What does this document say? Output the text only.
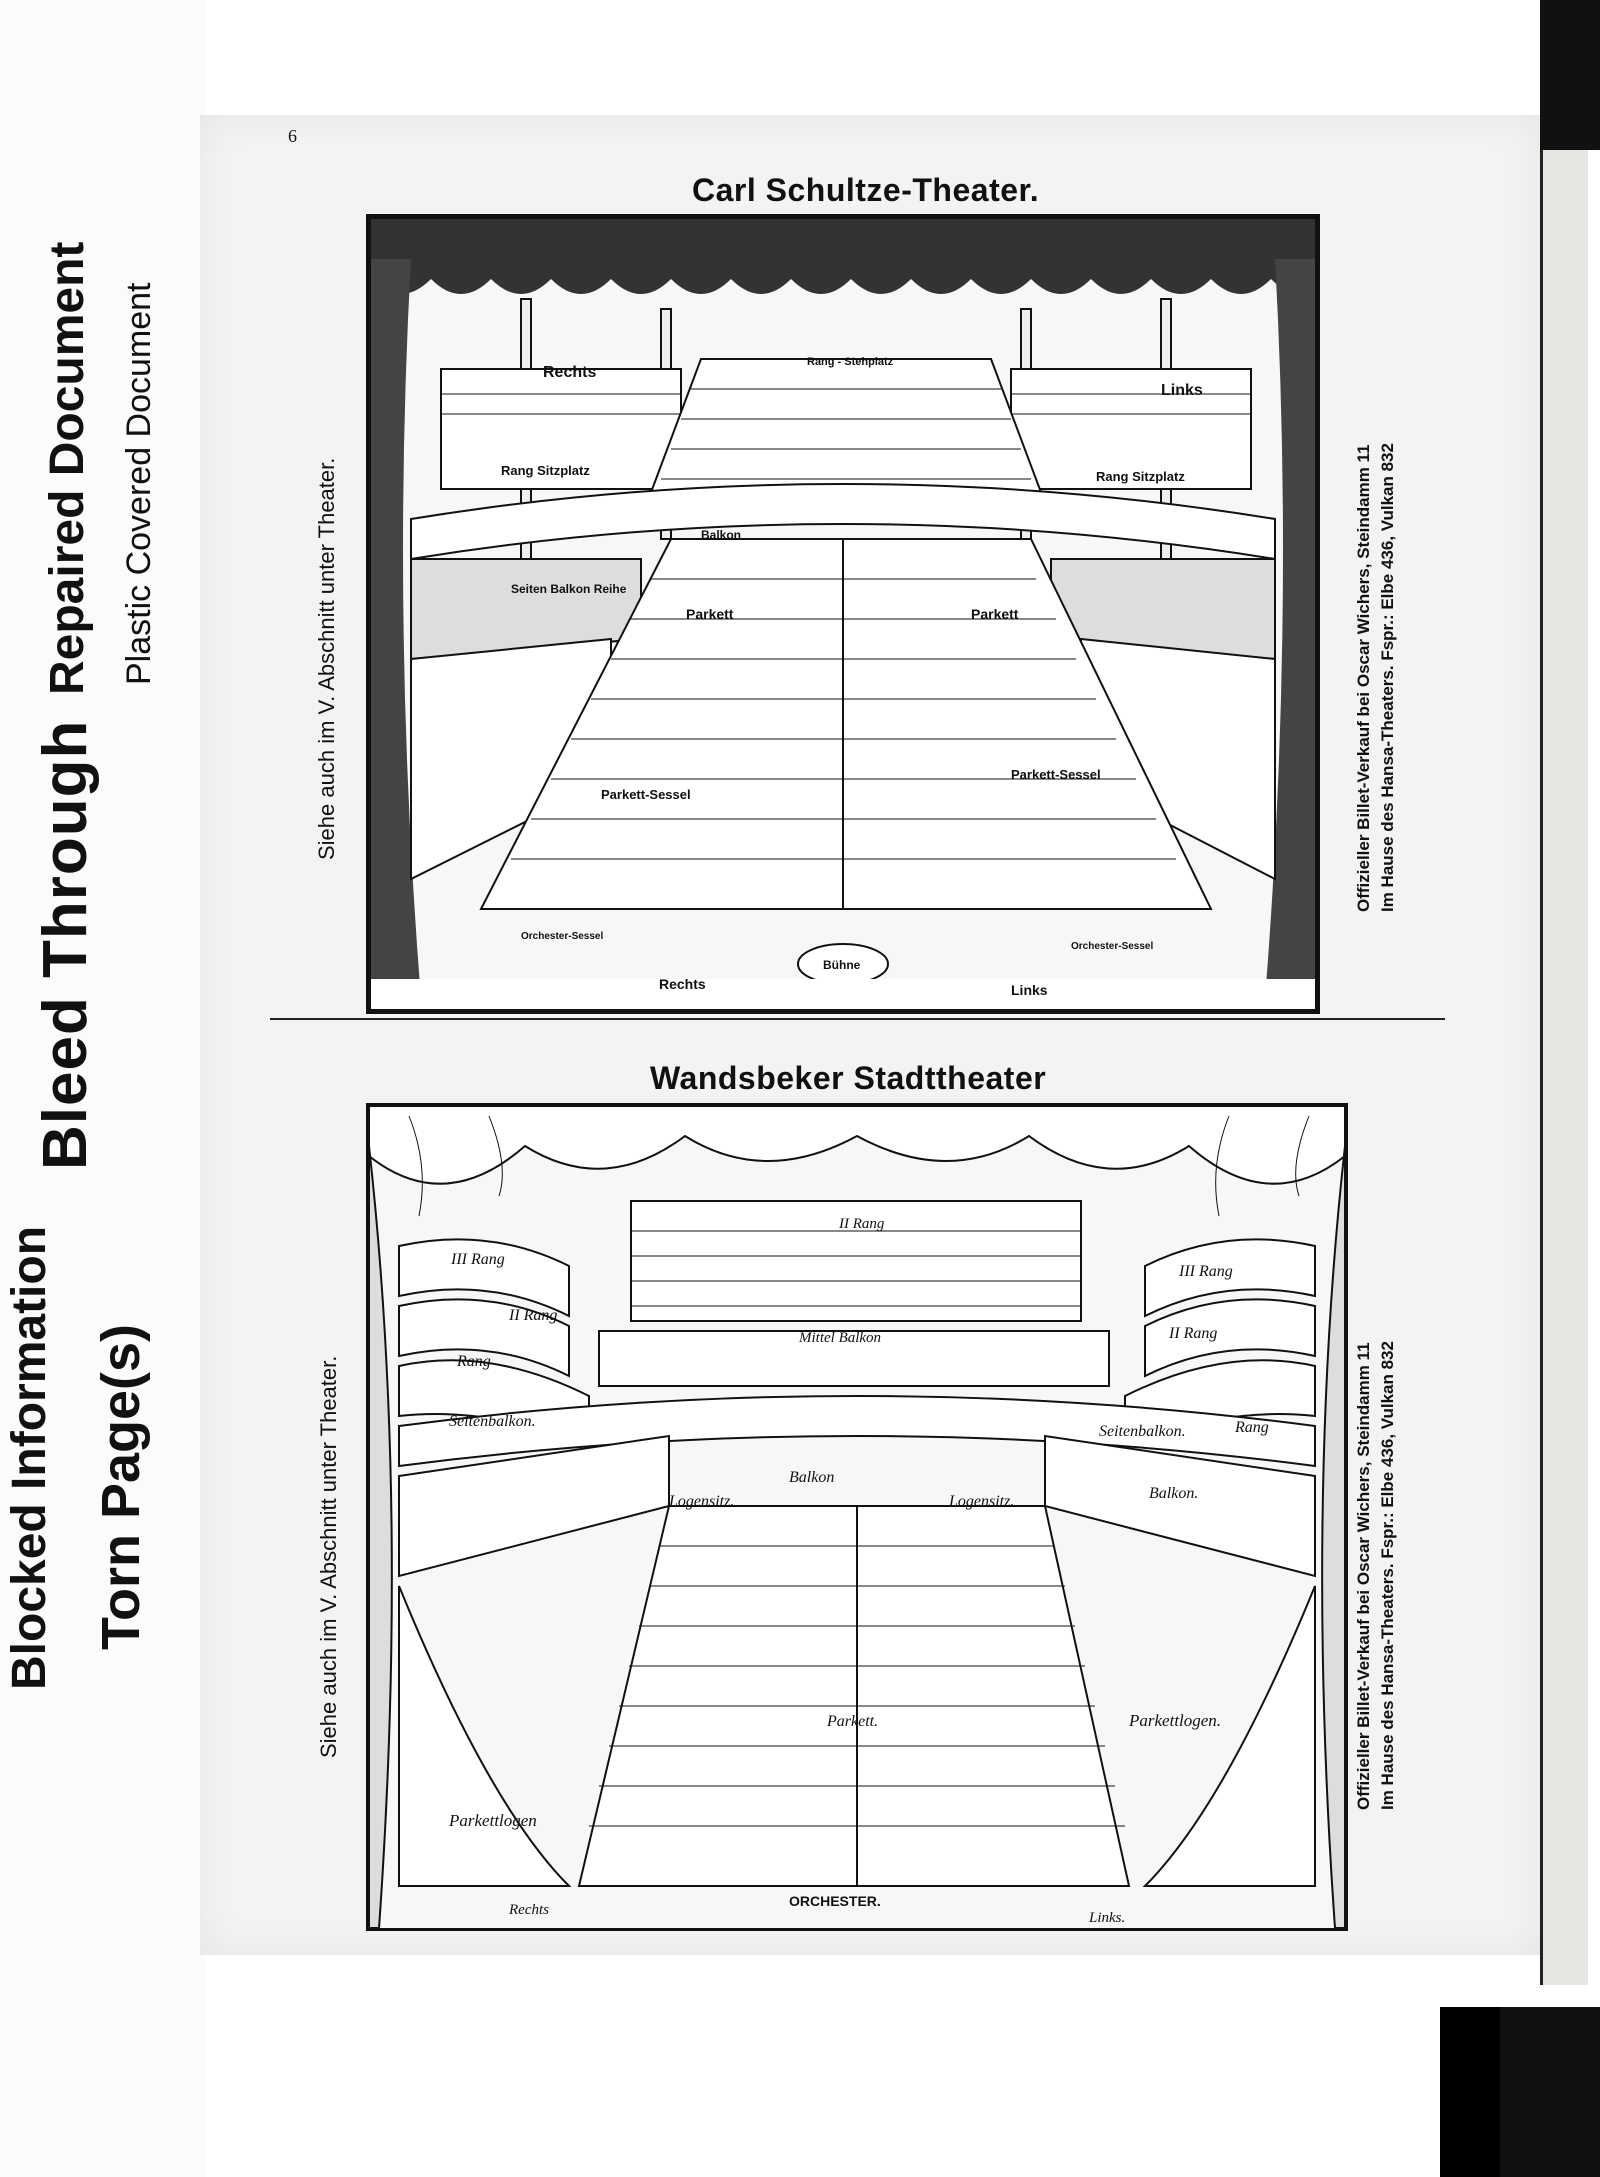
Blocked Information
Bleed Through
Repaired Document
Torn Page(s)
Plastic Covered Document
6
Carl Schultze-Theater.
Rechts
Links
Rang - Stehplatz
Rang Sitzplatz	Rang Sitzplatz
Balkon
Seiten Balkon Reihe
Parkett	Parkett
Parkett-Sessel
Parkett-Sessel
Orchester-Sessel
Orchester-Sessel
Rechts	Links
Bühne
Siehe auch im V. Abschnitt unter Theater.	Offizieller Billet-Verkauf bei Oscar Wichers, Steindamm 11 Im Hause des Hansa-Theaters. Fspr.: Elbe 436, Vulkan 832
Wandsbeker Stadttheater
III Rang
III Rang
II Rang
II Rang
II Rang
Rang
Rang
Mittel Balkon
Seitenbalkon.
Seitenbalkon.
Balkon
Balkon.
Logensitz.	Logensitz.
Parkettlogen
Parkettlogen.
Parkett.
ORCHESTER.
Rechts	Links.
Siehe auch im V. Abschnitt unter Theater.	Offizieller Billet-Verkauf bei Oscar Wichers, Steindamm 11 Im Hause des Hansa-Theaters. Fspr.: Elbe 436, Vulkan 832
